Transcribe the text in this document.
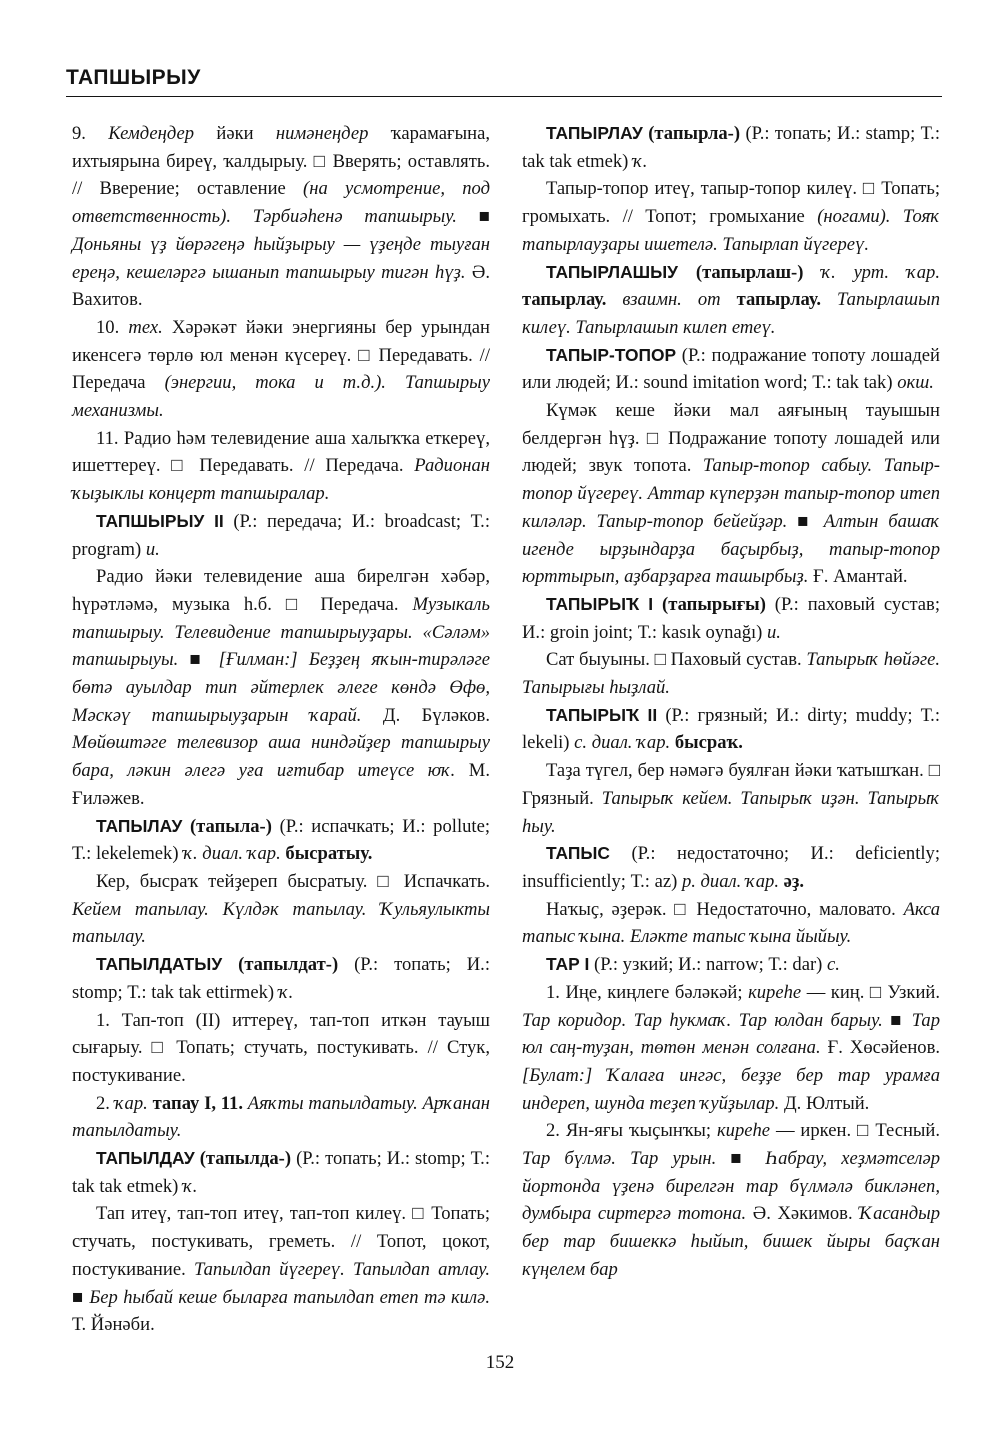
ТАПШЫРЫУ

9. Кемдеңдер йәки нимәнеңдер ҡарамағына, ихтыярына биреү, ҡалдырыу. □ Вверять; оставлять. // Вверение; оставление (на усмотрение, под ответственность). Тәрбиәһенә тапшырыу. ■ Доньяны үҙ йөрәгеңә һыйҙырыу — үҙеңде тыуған ереңә, кешеләргә ышанып тапшырыу тигән һүҙ. Ә. Вахитов.

10. тех. Хәрәкәт йәки энергияны бер урындан икенсегә төрлө юл менән күсереү. □ Передавать. // Передача (энергии, тока и т.д.). Тапшырыу механизмы.

11. Радио һәм телевидение аша халыҡҡа еткереү, ишеттереү. □ Передавать. // Передача. Радионан ҡыҙыклы концерт тапшыралар.

ТАПШЫРЫУ II (Р.: передача; И.: broadcast; Т.: program) и.

Радио йәки телевидение аша бирелгән хәбәр, һүрәтләмә, музыка һ.б. □ Передача. Музыкаль тапшырыу. Телевидение тапшырыуҙары. «Сәләм» тапшырыуы. ■ [Ғилман:] Беҙҙең яҡын-тирәләге бөтә ауылдар тип әйтерлек әлеге көндә Өфө, Мәскәү тапшырыуҙарын ҡарай. Д. Бүләков. Мөйөштәге телевизор аша ниндәйҙер тапшырыу бара, ләкин әлегә уға иғтибар итеүсе юҡ. М. Ғиләжев.

ТАПЫЛАУ (тапыла-) (Р.: испачкать; И.: pollute; Т.: lekelemek) ҡ. диал. ҡар. бысратыу.

Кер, бысраҡ тейҙереп бысратыу. □ Испачкать. Кейем тапылау. Күлдәк тапылау. Ҡульяулыкты тапылау.

ТАПЫЛДАТЫУ (тапылдат-) (Р.: топать; И.: stomp; Т.: tak tak ettirmek) ҡ.

1. Тап-топ (II) иттереү, тап-топ иткән тауыш сығарыу. □ Топать; стучать, постукивать. // Стук, постукивание.

2. ҡар. тапау I, 11. Аяҡты тапылдатыу. Арҡанан тапылдатыу.

ТАПЫЛДАУ (тапылда-) (Р.: топать; И.: stomp; Т.: tak tak etmek) ҡ.

Тап итеү, тап-топ итеү, тап-топ килеү. □ Топать; стучать, постукивать, греметь. // Топот, цокот, постукивание. Тапылдап йүгереү. Тапылдап атлау. ■ Бер һыбай кеше быларға тапылдап етеп тә килә. Т. Йәнәби.

ТАПЫРЛАУ (тапырла-) (Р.: топать; И.: stamp; Т.: tak tak etmek) ҡ.

Тапыр-топор итеү, тапыр-топор килеү. □ Топать; громыхать. // Топот; громыхание (ногами). Тояҡ тапырлауҙары ишетелә. Тапырлап йүгереү.

ТАПЫРЛАШЫУ (тапырлаш-) ҡ. урт. ҡар. тапырлау. взаимн. от тапырлау. Тапырлашып килеү. Тапырлашып килеп етеү.

ТАПЫР-ТОПОР (Р.: подражание топоту лошадей или людей; И.: sound imitation word; Т.: tak tak) окш.

Күмәк кеше йәки мал аяғының тауышын белдергән һүҙ. □ Подражание топоту лошадей или людей; звук топота. Тапыр-топор сабыу. Тапыр-топор йүгереү. Аттар күперҙән тапыр-топор итеп киләләр. Тапыр-топор бейейҙәр. ■ Алтын башаҡ игенде ырҙындарҙа баҫырбыҙ, тапыр-топор юрттырып, аҙбарҙарға ташырбыҙ. Ғ. Амантай.

ТАПЫРЫҠ I (тапырығы) (Р.: паховый сустав; И.: groin joint; Т.: kasık oynağı) и.

Сат быуыны. □ Паховый сустав. Тапырыҡ һөйәге. Тапырығы һыҙлай.

ТАПЫРЫҠ II (Р.: грязный; И.: dirty; muddy; Т.: lekeli) с. диал. ҡар. бысраҡ.

Таҙа түгел, бер нәмәгә буялған йәки ҡатышҡан. □ Грязный. Тапырыҡ кейем. Тапырыҡ иҙән. Тапырыҡ һыу.

ТАПЫС (Р.: недостаточно; И.: deficiently; insufficiently; Т.: az) р. диал. ҡар. әҙ.

Наҡыҫ, әҙерәк. □ Недостаточно, маловато. Акса тапыс ҡына. Еләкте тапыс ҡына йыйыу.

ТАР I (Р.: узкий; И.: narrow; Т.: dar) с.

1. Иңе, киңлеге бәләкәй; киреһе — киң. □ Узкий. Тар коридор. Тар һукмаҡ. Тар юлдан барыу. ■ Тар юл саң-туҙан, төтөн менән солғана. Ғ. Хөсәйенов. [Булат:] Ҡалаға ингәс, беҙҙе бер тар урамға индереп, шунда теҙеп ҡуйҙылар. Д. Юлтый.

2. Ян-яғы ҡыҫынҡы; киреһе — иркен. □ Тесный. Тар бүлмә. Тар урын. ■ Һабрау, хеҙмәтселәр йортонда үҙенә бирелгән тар бүлмәлә бикләнеп, думбыра сиртергә тотона. Ә. Хәкимов. Ҡасандыр бер тар бишеккә һыйып, бишек йыры баҫҡан күңелем бар

152
